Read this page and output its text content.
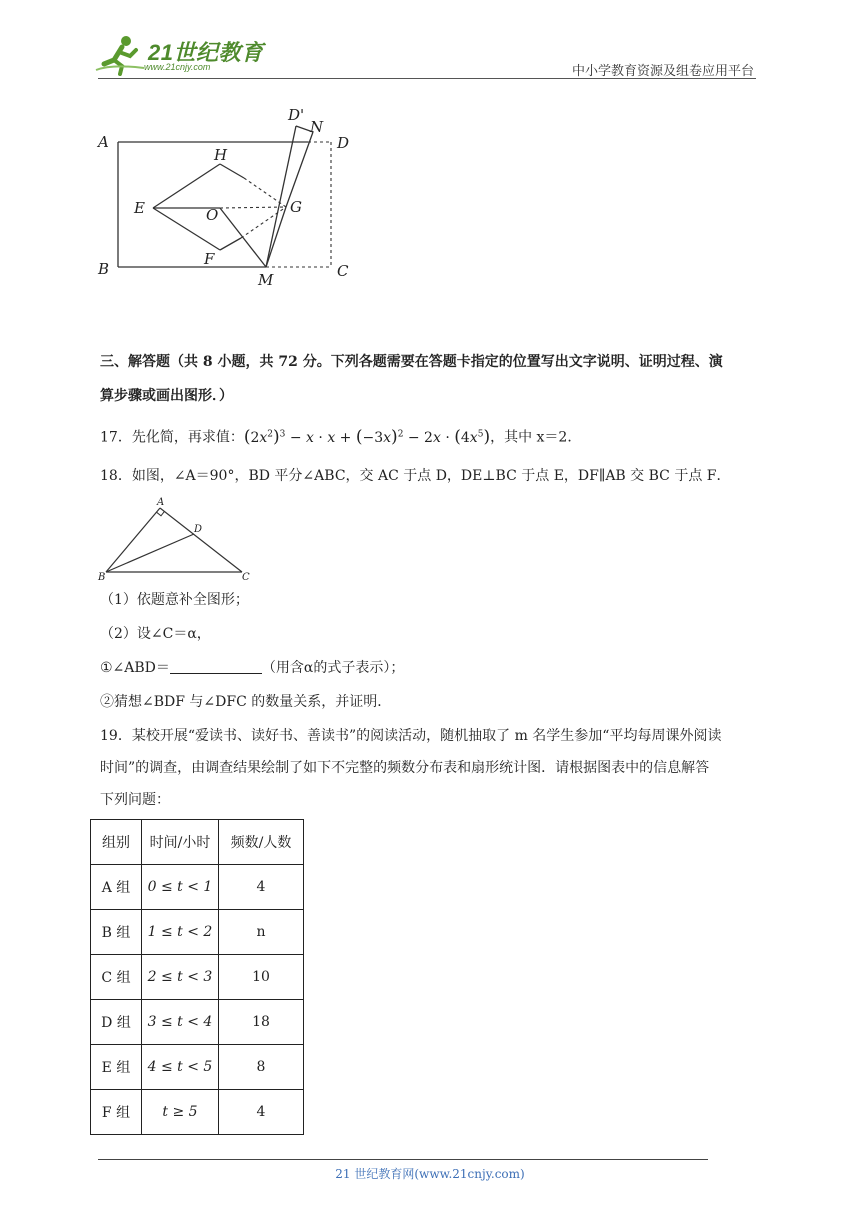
21世纪教育
www.21cnjy.com	中小学教育资源及组卷应用平台
A
D'
N
D
H
E	O	G
F
B
M	C
三、解答题（共 8 小题，共 72 分。下列各题需要在答题卡指定的位置写出文字说明、证明过程、演
算步骤或画出图形．）
17．先化简，再求值：$(2x^2)^3 - x \cdot x + (-3x)^2 - 2x \cdot (4x^5)$，其中 x＝2．
18．如图，∠A＝90°，BD 平分∠ABC，交 AC 于点 D，DE⊥BC 于点 E，DF∥AB 交 BC 于点 F．
A
D
B	C
（1）依题意补全图形；
（2）设∠C＝α，
①∠ABD＝	（用含α的式子表示）；
②猜想∠BDF 与∠DFC 的数量关系，并证明．
19．某校开展“爱读书、读好书、善读书”的阅读活动，随机抽取了 m 名学生参加“平均每周课外阅读
时间”的调查，由调查结果绘制了如下不完整的频数分布表和扇形统计图．请根据图表中的信息解答
下列问题：
组别	时间/小时	频数/人数
A 组	0 ≤ t < 1	4
B 组	1 ≤ t < 2	n
C 组	2 ≤ t < 3	10
D 组	3 ≤ t < 4	18
E 组	4 ≤ t < 5	8
F 组	t ≥ 5	4
21 世纪教育网(www.21cnjy.com)
